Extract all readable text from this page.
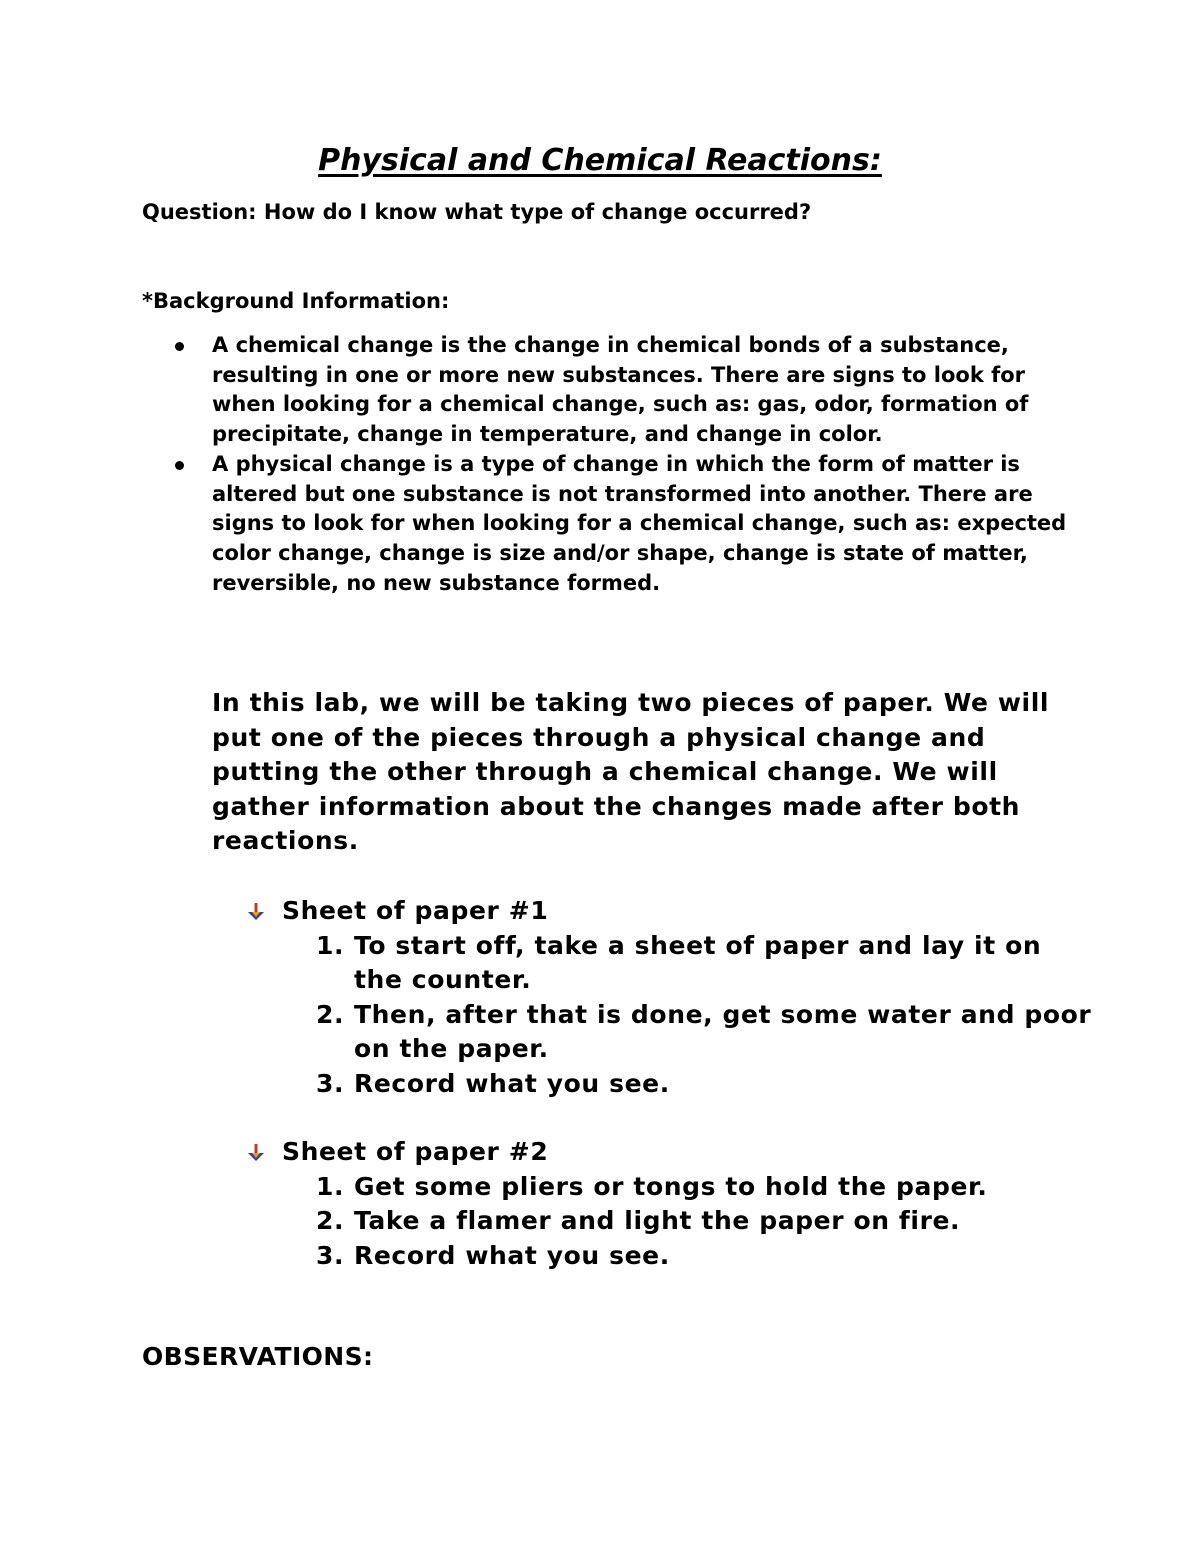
Physical and Chemical Reactions:
Question: How do I know what type of change occurred?
*Background Information:
A chemical change is the change in chemical bonds of a substance, resulting in one or more new substances. There are signs to look for when looking for a chemical change, such as: gas, odor, formation of precipitate, change in temperature, and change in color.
A physical change is a type of change in which the form of matter is altered but one substance is not transformed into another. There are signs to look for when looking for a chemical change, such as: expected color change, change is size and/or shape, change is state of matter, reversible, no new substance formed.
In this lab, we will be taking two pieces of paper. We will put one of the pieces through a physical change and putting the other through a chemical change. We will gather information about the changes made after both reactions.
Sheet of paper #1
1. To start off, take a sheet of paper and lay it on the counter.
2. Then, after that is done, get some water and poor on the paper.
3. Record what you see.
Sheet of paper #2
1. Get some pliers or tongs to hold the paper.
2. Take a flamer and light the paper on fire.
3. Record what you see.
OBSERVATIONS:
